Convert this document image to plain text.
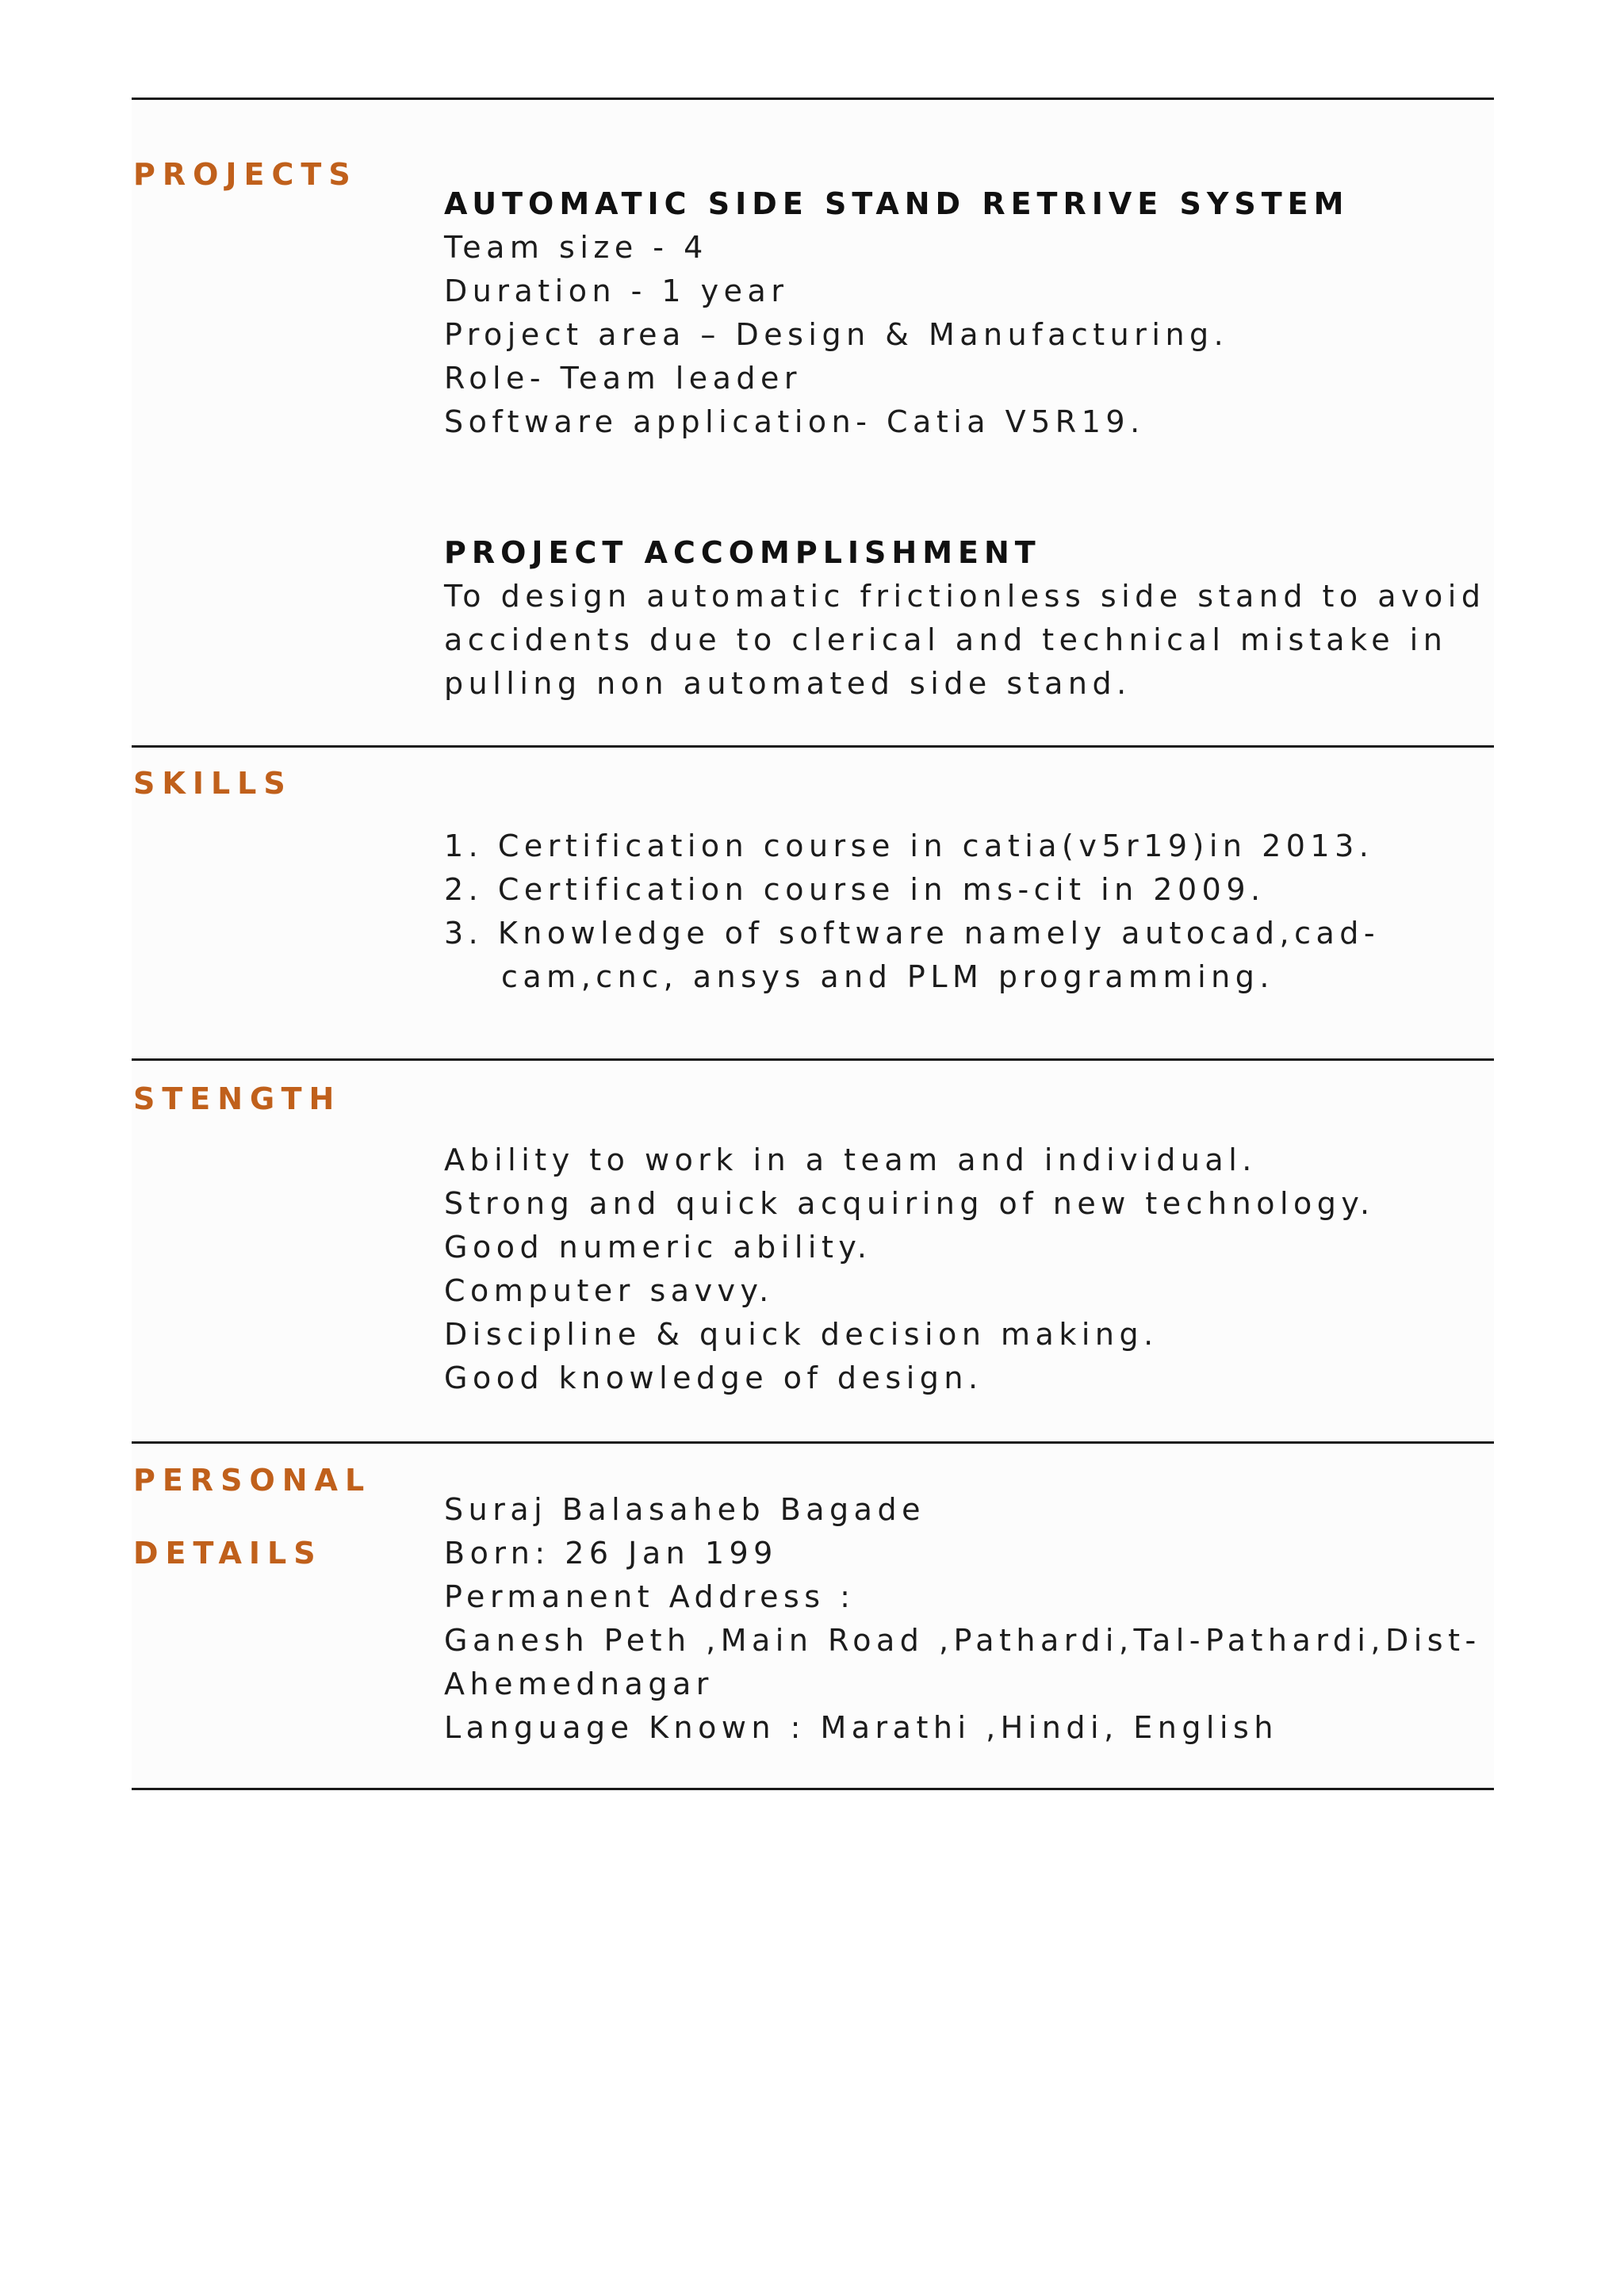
PROJECTS
AUTOMATIC SIDE STAND RETRIVE SYSTEM
Team size - 4
Duration - 1 year
Project area – Design & Manufacturing.
Role- Team leader
Software application- Catia V5R19.
PROJECT ACCOMPLISHMENT
To design automatic frictionless side stand to avoid
accidents due to clerical and technical mistake in
pulling non automated side stand.
SKILLS
1. Certification course in catia(v5r19)in 2013.
2. Certification course in ms-cit in 2009.
3. Knowledge of software namely autocad,cad-
cam,cnc, ansys and PLM programming.
STENGTH
Ability to work in a team and individual.
Strong and quick acquiring of new technology.
Good numeric ability.
Computer savvy.
Discipline & quick decision making.
Good knowledge of design.
PERSONAL
DETAILS
Suraj Balasaheb Bagade
Born: 26 Jan 199
Permanent Address :
Ganesh Peth ,Main Road ,Pathardi,Tal-Pathardi,Dist-
Ahemednagar
Language Known : Marathi ,Hindi, English
